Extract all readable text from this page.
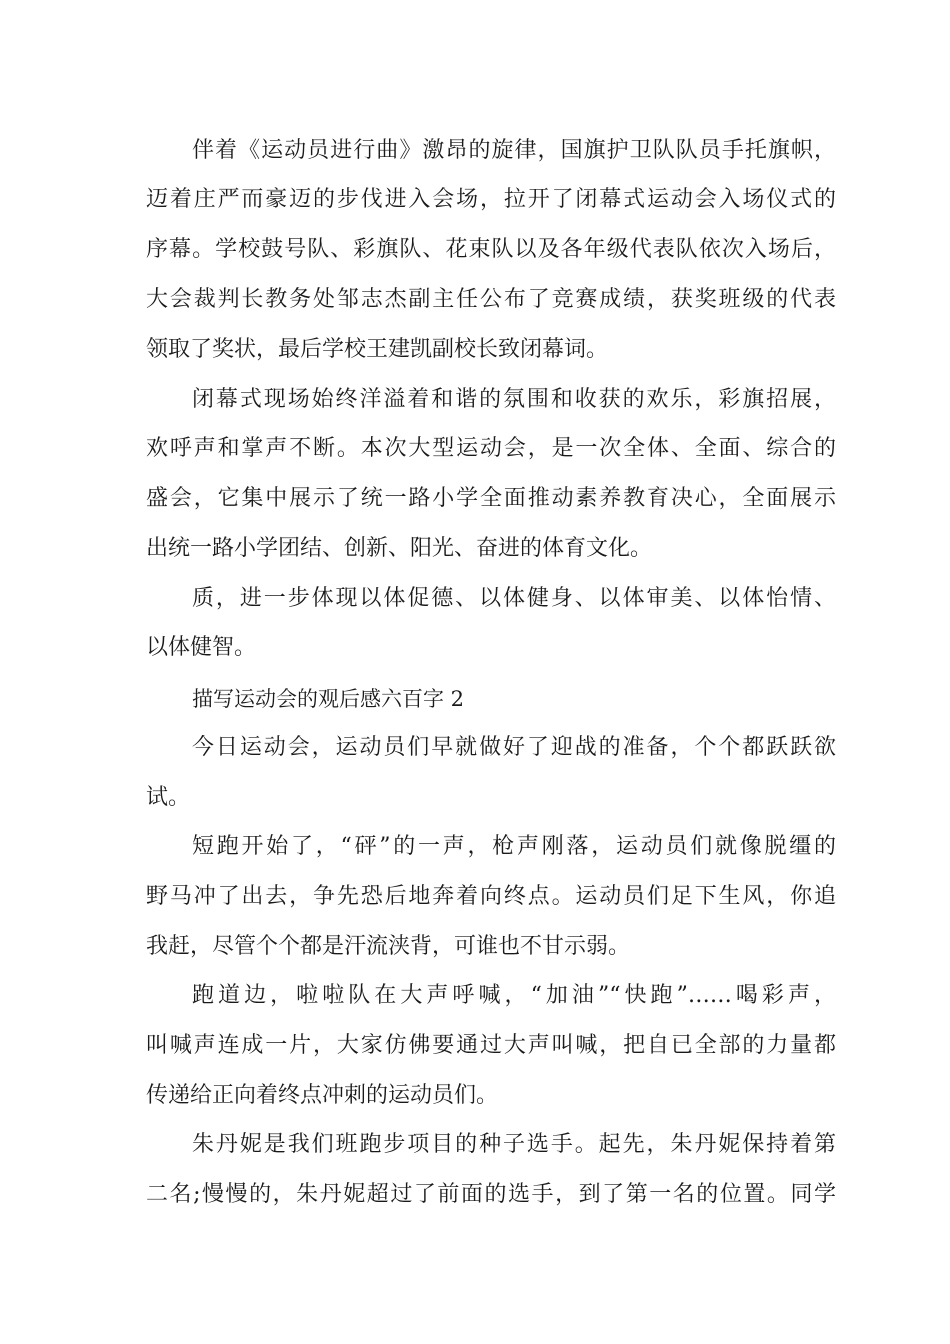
伴着《运动员进行曲》激昂的旋律，国旗护卫队队员手托旗帜，
迈着庄严而豪迈的步伐进入会场，拉开了闭幕式运动会入场仪式的
序幕。学校鼓号队、彩旗队、花束队以及各年级代表队依次入场后，
大会裁判长教务处邹志杰副主任公布了竞赛成绩，获奖班级的代表
领取了奖状，最后学校王建凯副校长致闭幕词。
闭幕式现场始终洋溢着和谐的氛围和收获的欢乐，彩旗招展，
欢呼声和掌声不断。本次大型运动会，是一次全体、全面、综合的
盛会，它集中展示了统一路小学全面推动素养教育决心，全面展示
出统一路小学团结、创新、阳光、奋进的体育文化。
质，进一步体现以体促德、以体健身、以体审美、以体怡情、
以体健智。
描写运动会的观后感六百字 2
今日运动会，运动员们早就做好了迎战的准备，个个都跃跃欲
试。
短跑开始了，“砰”的一声，枪声刚落，运动员们就像脱缰的
野马冲了出去，争先恐后地奔着向终点。运动员们足下生风，你追
我赶，尽管个个都是汗流浃背，可谁也不甘示弱。
跑道边，啦啦队在大声呼喊，“加油”“快跑”……喝彩声，
叫喊声连成一片，大家仿佛要通过大声叫喊，把自已全部的力量都
传递给正向着终点冲刺的运动员们。
朱丹妮是我们班跑步项目的种子选手。起先，朱丹妮保持着第
二名;慢慢的，朱丹妮超过了前面的选手，到了第一名的位置。同学
